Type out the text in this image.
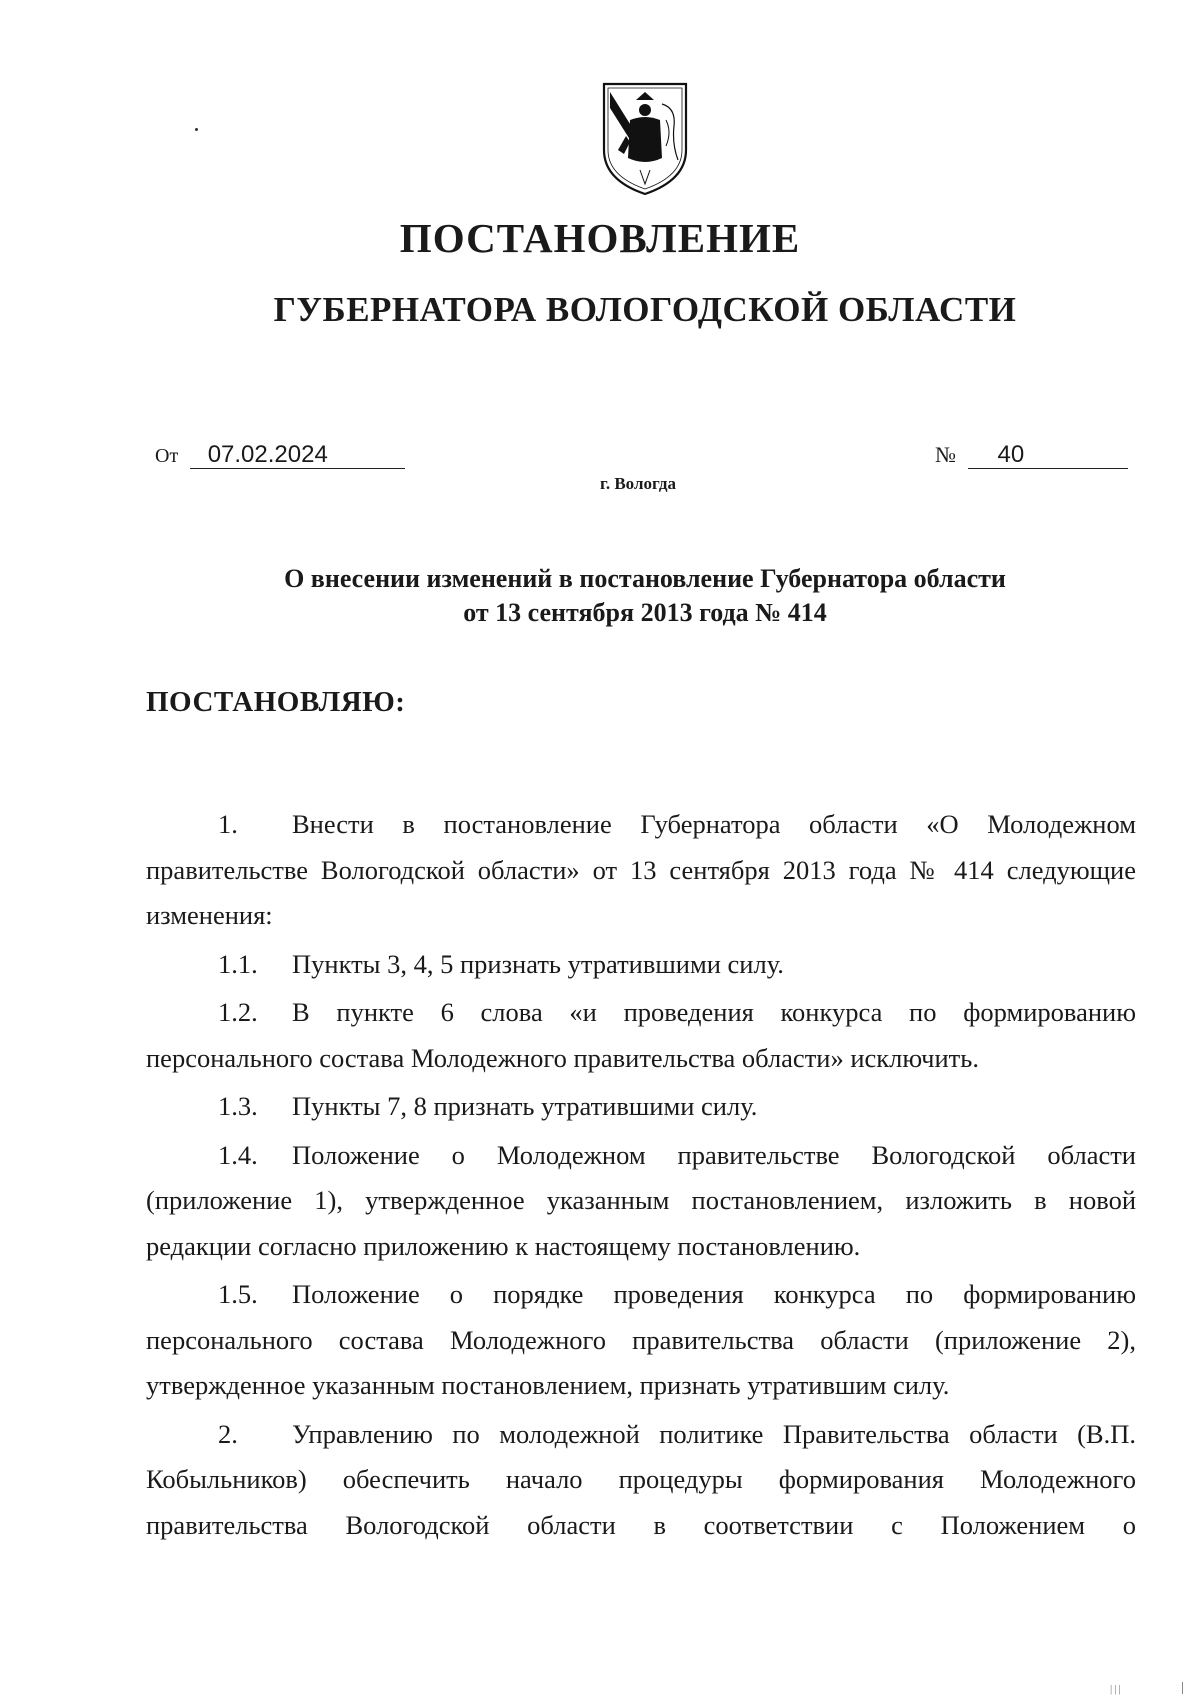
ПОСТАНОВЛЕНИЕ
ГУБЕРНАТОРА ВОЛОГОДСКОЙ ОБЛАСТИ
От 07.02.2024	№ 40
г. Вологда
О внесении изменений в постановление Губернатора области
от 13 сентября 2013 года № 414
ПОСТАНОВЛЯЮ:

1. Внести в постановление Губернатора области «О Молодежном правительстве Вологодской области» от 13 сентября 2013 года № 414 следующие изменения:

1.1. Пункты 3, 4, 5 признать утратившими силу.

1.2. В пункте 6 слова «и проведения конкурса по формированию персонального состава Молодежного правительства области» исключить.

1.3. Пункты 7, 8 признать утратившими силу.

1.4. Положение о Молодежном правительстве Вологодской области (приложение 1), утвержденное указанным постановлением, изложить в новой редакции согласно приложению к настоящему постановлению.

1.5. Положение о порядке проведения конкурса по формированию персонального состава Молодежного правительства области (приложение 2), утвержденное указанным постановлением, признать утратившим силу.

2. Управлению по молодежной политике Правительства области (В.П. Кобыльников) обеспечить начало процедуры формирования Молодежного правительства Вологодской области в соответствии с Положением о

|||
